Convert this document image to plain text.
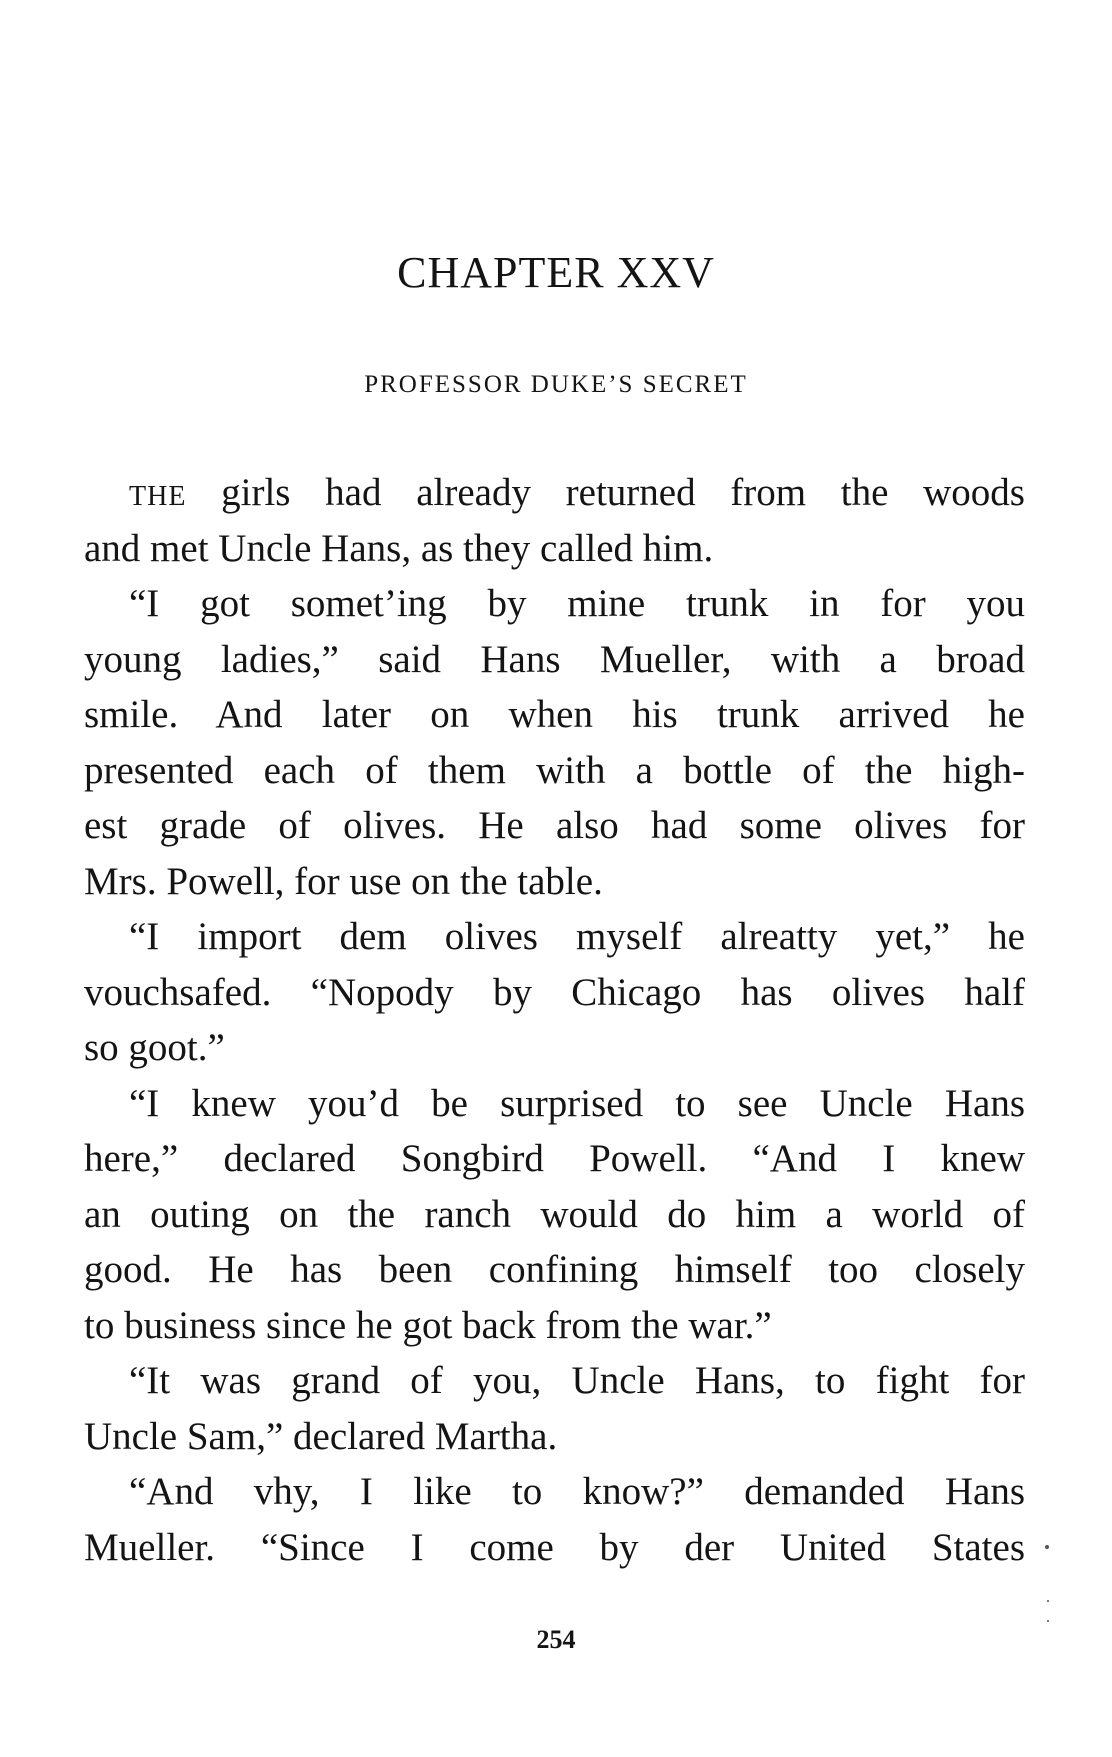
CHAPTER XXV
PROFESSOR DUKE’S SECRET
THE girls had already returned from the woods
and met Uncle Hans, as they called him.
“I got somet’ing by mine trunk in for you
young ladies,” said Hans Mueller, with a broad
smile. And later on when his trunk arrived he
presented each of them with a bottle of the high-
est grade of olives. He also had some olives for
Mrs. Powell, for use on the table.
“I import dem olives myself alreatty yet,” he
vouchsafed. “Nopody by Chicago has olives half
so goot.”
“I knew you’d be surprised to see Uncle Hans
here,” declared Songbird Powell. “And I knew
an outing on the ranch would do him a world of
good. He has been confining himself too closely
to business since he got back from the war.”
“It was grand of you, Uncle Hans, to fight for
Uncle Sam,” declared Martha.
“And vhy, I like to know?” demanded Hans
Mueller. “Since I come by der United States

254
